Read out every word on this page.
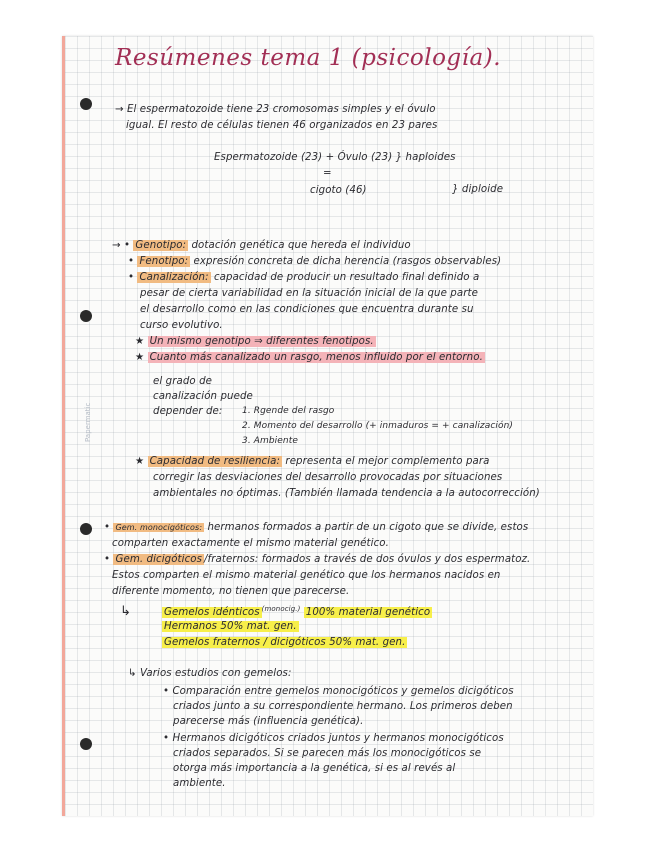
Papermatic
Resúmenes tema 1 (psicología).
→ El espermatozoide tiene 23 cromosomas simples y el óvulo
igual. El resto de células tienen 46 organizados en 23 pares
Espermatozoide (23) + Óvulo (23) } haploides
=
cigoto (46)	} diploide
→ • Genotipo: dotación genética que hereda el individuo
• Fenotipo: expresión concreta de dicha herencia (rasgos observables)
• Canalización: capacidad de producir un resultado final definido a
pesar de cierta variabilidad en la situación inicial de la que parte
el desarrollo como en las condiciones que encuentra durante su
curso evolutivo.
★ Un mismo genotipo ⇒ diferentes fenotipos.
★ Cuanto más canalizado un rasgo, menos influido por el entorno.
el grado de
canalización puede
depender de: 1. Rgende del rasgo
2. Momento del desarrollo (+ inmaduros = + canalización)
3. Ambiente
★ Capacidad de resiliencia: representa el mejor complemento para
corregir las desviaciones del desarrollo provocadas por situaciones
ambientales no óptimas. (También llamada tendencia a la autocorrección)
• Gem. monocigóticos: hermanos formados a partir de un cigoto que se divide, estos
comparten exactamente el mismo material genético.
• Gem. dicigóticos /fraternos: formados a través de dos óvulos y dos espermatoz.
Estos comparten el mismo material genético que los hermanos nacidos en
diferente momento, no tienen que parecerse.
↳	Gemelos idénticos $^{(monocig.)}$ 100% material genético
Hermanos 50% mat. gen.
Gemelos fraternos / dicigóticos 50% mat. gen.
↳ Varios estudios con gemelos:
• Comparación entre gemelos monocigóticos y gemelos dicigóticos
criados junto a su correspondiente hermano. Los primeros deben
parecerse más (influencia genética).
• Hermanos dicigóticos criados juntos y hermanos monocigóticos
criados separados. Si se parecen más los monocigóticos se
otorga más importancia a la genética, si es al revés al
ambiente.
